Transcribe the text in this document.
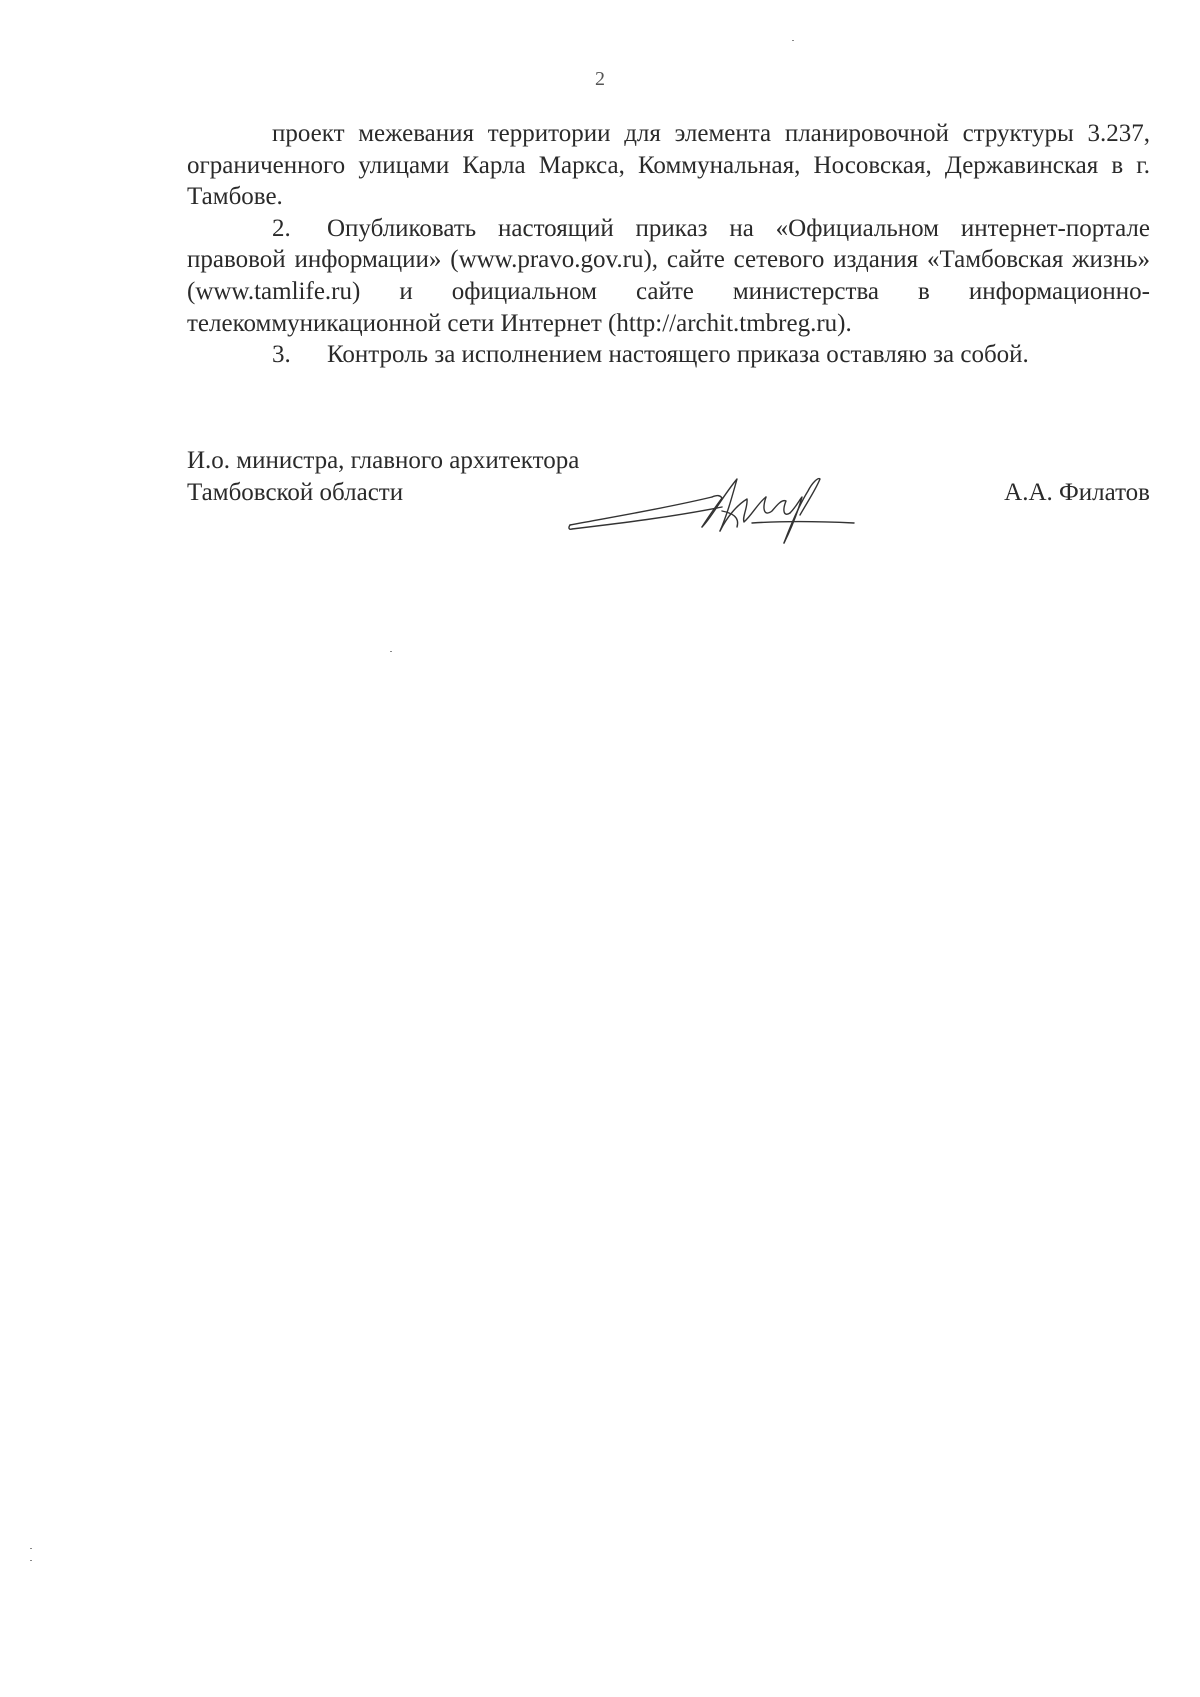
2

проект межевания территории для элемента планировочной структуры 3.237, ограниченного улицами Карла Маркса, Коммунальная, Носовская, Державинская в г. Тамбове.

2. Опубликовать настоящий приказ на «Официальном интернет-портале правовой информации» (www.pravo.gov.ru), сайте сетевого издания «Тамбовская жизнь» (www.tamlife.ru) и официальном сайте министерства в информационно-телекоммуникационной сети Интернет (http://archit.tmbreg.ru).

3. Контроль за исполнением настоящего приказа оставляю за собой.

И.о. министра, главного архитектора
Тамбовской области	А.А. Филатов
